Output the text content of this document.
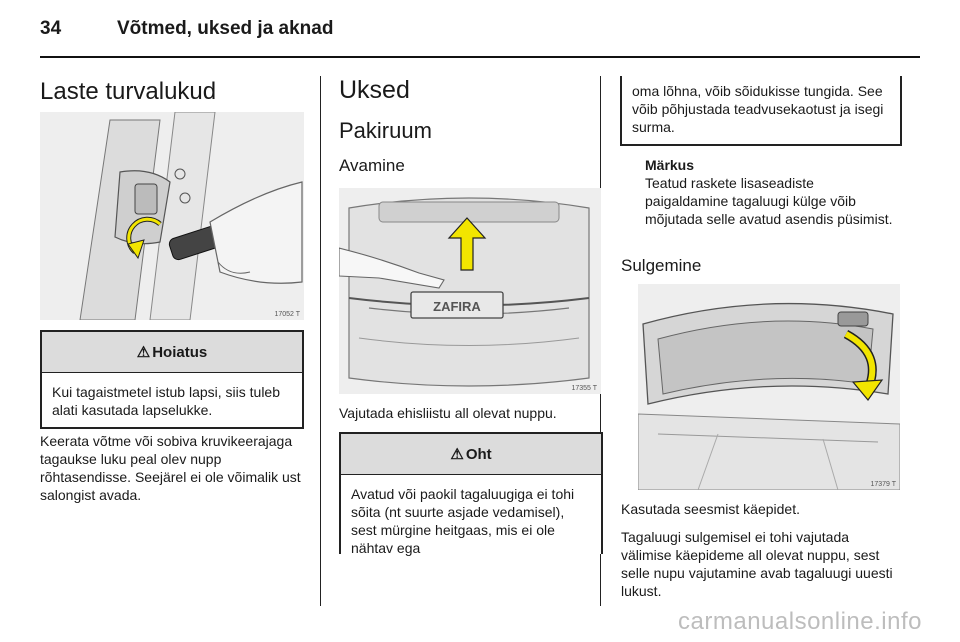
34	Võtmed, uksed ja aknad
Laste turvalukud
17052 T
⚠ Hoiatus
Kui tagaistmetel istub lapsi, siis tuleb alati kasutada lapselukke.

Keerata võtme või sobiva kruvikeerajaga tagaukse luku peal olev nupp rõhtasendisse. Seejärel ei ole võimalik ust salongist avada.

Uksed
Pakiruum
Avamine
ZAFIRA
17355 T

Vajutada ehisliistu all olevat nuppu.

⚠ Oht
Avatud või paokil tagaluugiga ei tohi sõita (nt suurte asjade vedamisel), sest mürgine heitgaas, mis ei ole nähtav ega
oma lõhna, võib sõidukisse tungida. See võib põhjustada teadvusekaotust ja isegi surma.
Märkus

Teatud raskete lisaseadiste paigaldamine tagaluugi külge võib mõjutada selle avatud asendis püsimist.

Sulgemine
17379 T

Kasutada seesmist käepidet.

Tagaluugi sulgemisel ei tohi vajutada välimise käepideme all olevat nuppu, sest selle nupu vajutamine avab tagaluugi uuesti lukust.

carmanualsonline.info
